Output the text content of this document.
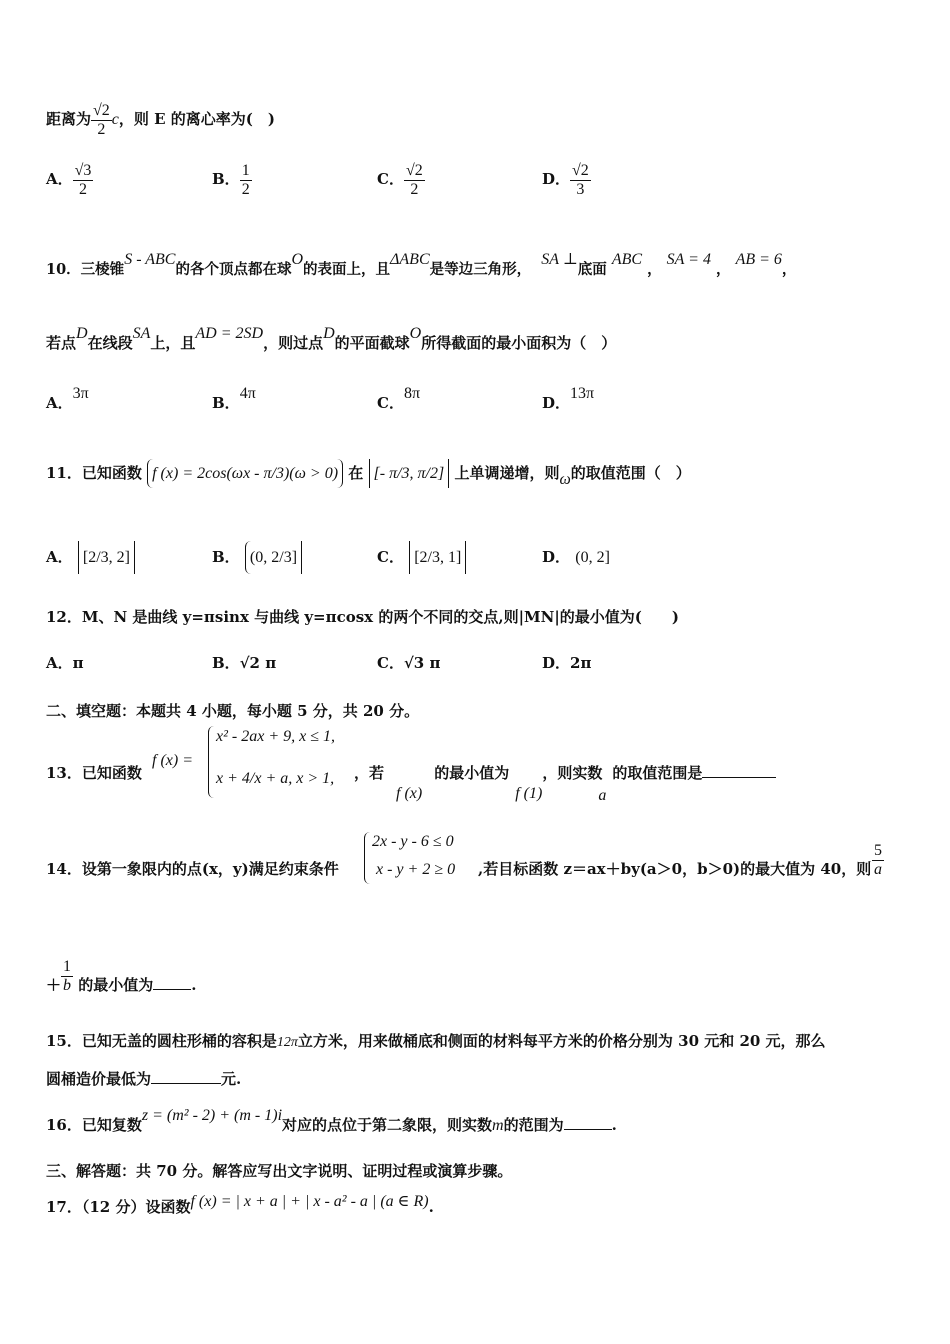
距离为 $\frac{√2}{2}$ c，则 E 的离心率为(　)
A． $\frac{√3}{2}$	B． $\frac{1}{2}$	C． $\frac{√2}{2}$	D． $\frac{√2}{3}$
10．三棱锥S - ABC的各个顶点都在球O的表面上，且ΔABC是等边三角形，  SA ⊥底面 ABC ， SA = 4 ， AB = 6，
若点D在线段SA上，且AD = 2SD，则过点D的平面截球O所得截面的最小面积为（　）
A．3π
B．4π
C．8π
D．13π
11．已知函数 f (x) = 2cos(ωx - π/3)(ω > 0) 在 [- π/3, π/2] 上单调递增，则ω的取值范围（　）
A． [2/3, 2]	B． (0, 2/3]	C． [2/3, 1]	D． (0, 2]
12．M、N 是曲线 y=πsinx 与曲线 y=πcosx 的两个不同的交点,则|MN|的最小值为(　　)
A．π	B．√2 π	C．√3 π	D．2π
二、填空题：本题共 4 小题，每小题 5 分，共 20 分。
13．已知函数
f (x) =
x² - 2ax + 9, x ≤ 1,
x + 4/x + a, x > 1, ，若f (x)的最小值为f (1)，则实数a的取值范围是
14．设第一象限内的点(x，y)满足约束条件
2x - y - 6 ≤ 0
x - y + 2 ≥ 0 ,若目标函数 z＝ax＋by(a＞0，b＞0)的最大值为 40，则 $\frac{5}{a}$
＋ $\frac{1}{b}$ 的最小值为	.
15．已知无盖的圆柱形桶的容积是12π立方米，用来做桶底和侧面的材料每平方米的价格分别为 30 元和 20 元，那么
圆桶造价最低为	元.
16．已知复数z = (m² - 2) + (m - 1)i对应的点位于第二象限，则实数m的范围为	.
三、解答题：共 70 分。解答应写出文字说明、证明过程或演算步骤。
17．（12 分）设函数f (x) = | x + a | + | x - a² - a | (a ∈ R).
